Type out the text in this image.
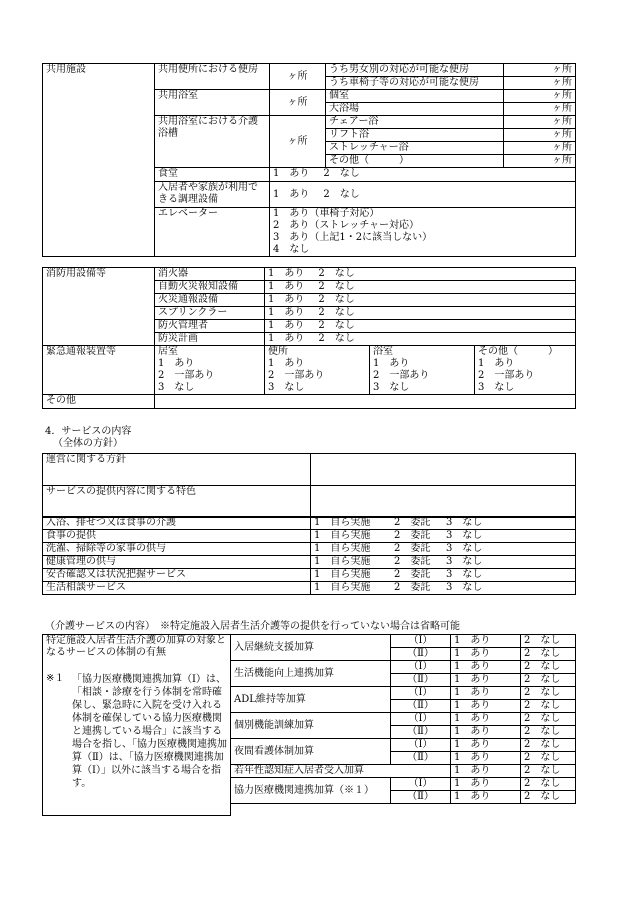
共用施設	共用便所における便房	ヶ所	うち男女別の対応が可能な便房	ヶ所
			うち車椅子等の対応が可能な便房	ヶ所
	共用浴室	ヶ所	個室	ヶ所
			大浴場	ヶ所
	共用浴室における介護浴槽	ヶ所	チェアー浴	ヶ所
			リフト浴	ヶ所
			ストレッチャー浴	ヶ所
			その他（　　　）	ヶ所
	食堂	1　あり 2　なし		
	入居者や家族が利用できる調理設備	1　あり 2　なし		
	エレベーター	1　あり（車椅子対応）
2　あり（ストレッチャー対応）
3　あり（上記1・2に該当しない）
4　なし		
消防用設備等	消火器	1　あり 2　なし		
	自動火災報知設備	1　あり 2　なし		
	火災通報設備	1　あり 2　なし		
	スプリンクラー	1　あり 2　なし		
	防火管理者	1　あり 2　なし		
	防災計画	1　あり 2　なし		
緊急通報装置等	居室
1　あり
2　一部あり
3　なし	便所
1　あり
2　一部あり
3　なし	浴室
1　あり
2　一部あり
3　なし	その他（　　　）
1　あり
2　一部あり
3　なし

その他				
4．サービスの内容
（全体の方針）
運営に関する方針	
サービスの提供内容に関する特色	

入浴、排せつ又は食事の介護	1　自ら実施 2　委託 3　なし
食事の提供	1　自ら実施 2　委託 3　なし
洗濯、掃除等の家事の供与	1　自ら実施 2　委託 3　なし
健康管理の供与	1　自ら実施 2　委託 3　なし
安否確認又は状況把握サービス	1　自ら実施 2　委託 3　なし
生活相談サービス	1　自ら実施 2　委託 3　なし
（介護サービスの内容）　※特定施設入居者生活介護等の提供を行っていない場合は省略可能
特定施設入居者生活介護の加算の対象となるサービスの体制の有無
※１ 「協力医療機関連携加算（Ⅰ）は、「相談・診療を行う体制を常時確保し、緊急時に入院を受け入れる体制を確保している協力医療機関と連携している場合」に該当する場合を指し、「協力医療機関連携加算（Ⅱ）は、「協力医療機関連携加算（Ⅰ）」以外に該当する場合を指す。	入居継続支援加算	（Ⅰ）	1　あり	2　なし
		（Ⅱ）	1　あり	2　なし
	生活機能向上連携加算	（Ⅰ）	1　あり	2　なし
		（Ⅱ）	1　あり	2　なし
	ADL維持等加算	（Ⅰ）	1　あり	2　なし
		（Ⅱ）	1　あり	2　なし
	個別機能訓練加算	（Ⅰ）	1　あり	2　なし
		（Ⅱ）	1　あり	2　なし
	夜間看護体制加算	（Ⅰ）	1　あり	2　なし
		（Ⅱ）	1　あり	2　なし
	若年性認知症入居者受入加算		1　あり	2　なし
	協力医療機関連携加算（※１）	（Ⅰ）	1　あり	2　なし
		（Ⅱ）	1　あり	2　なし
